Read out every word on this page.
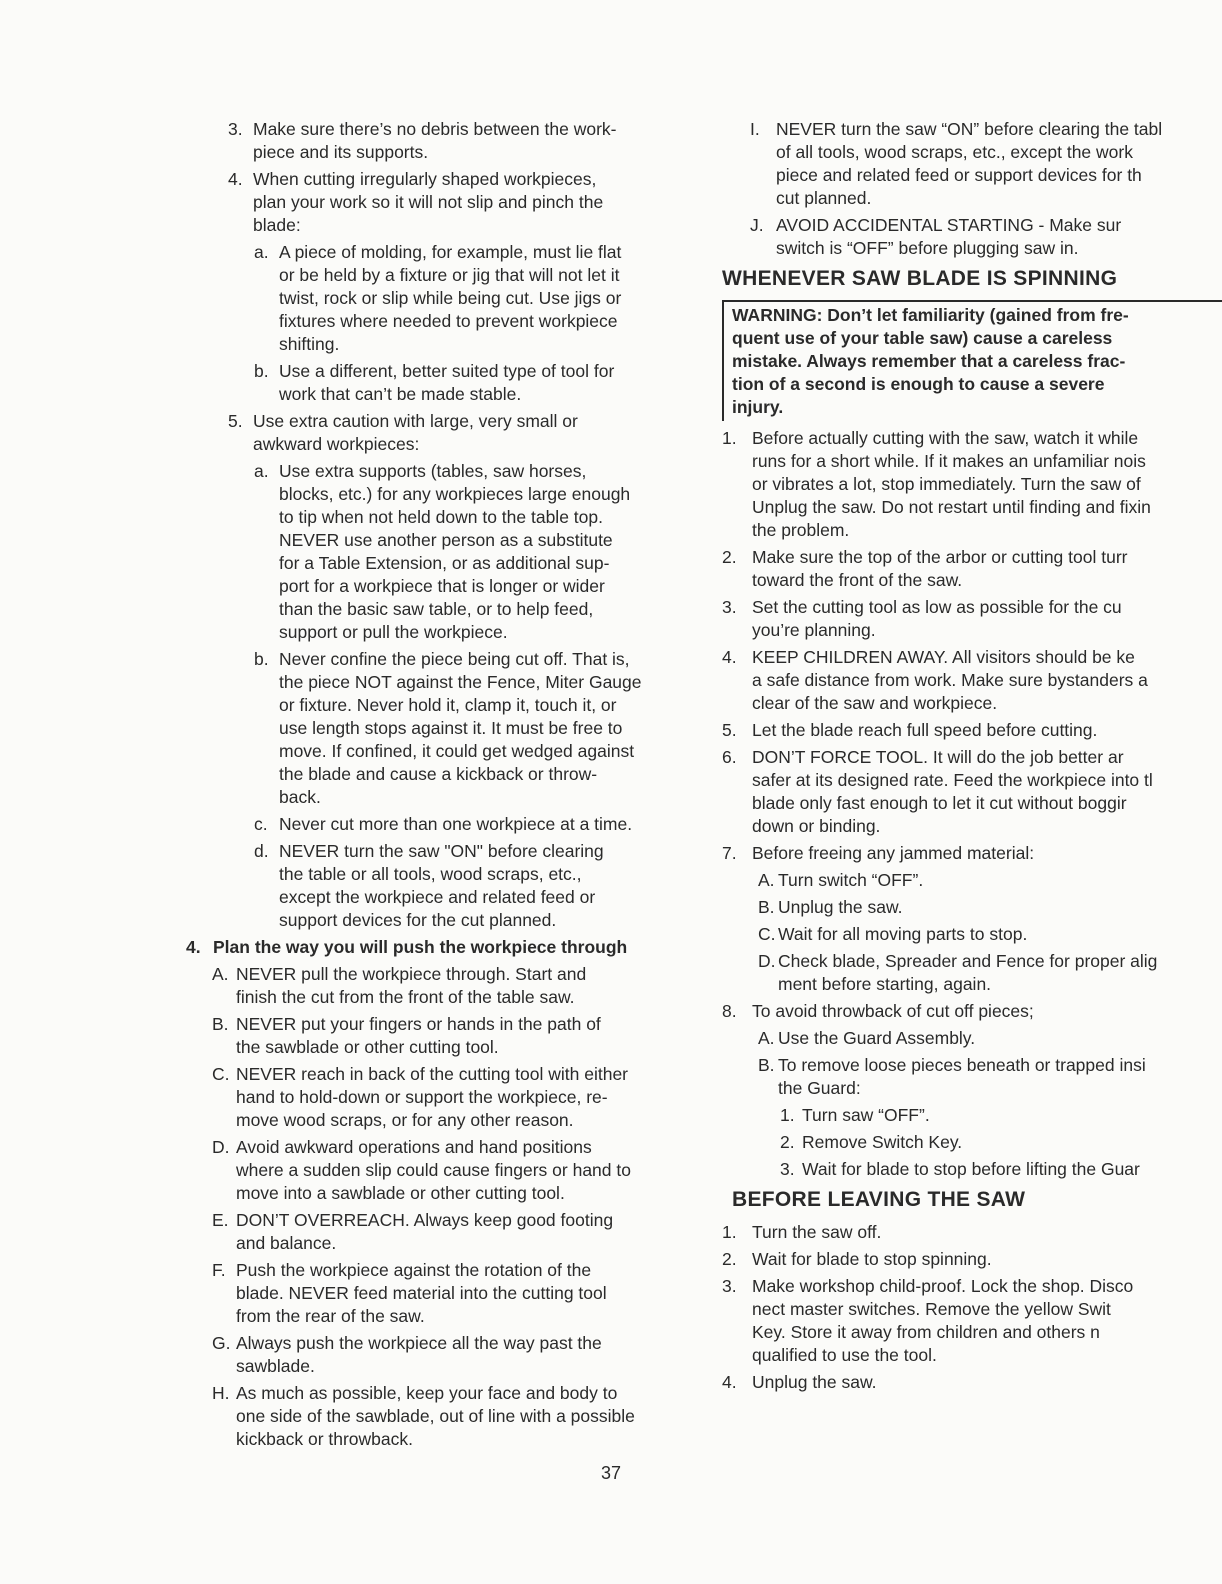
3. Make sure there’s no debris between the work-
piece and its supports.
4. When cutting irregularly shaped workpieces,
plan your work so it will not slip and pinch the
blade:
a. A piece of molding, for example, must lie flat
or be held by a fixture or jig that will not let it
twist, rock or slip while being cut. Use jigs or
fixtures where needed to prevent workpiece
shifting.
b. Use a different, better suited type of tool for
work that can’t be made stable.
5. Use extra caution with large, very small or
awkward workpieces:
a. Use extra supports (tables, saw horses,
blocks, etc.) for any workpieces large enough
to tip when not held down to the table top.
NEVER use another person as a substitute
for a Table Extension, or as additional sup-
port for a workpiece that is longer or wider
than the basic saw table, or to help feed,
support or pull the workpiece.
b. Never confine the piece being cut off. That is,
the piece NOT against the Fence, Miter Gauge
or fixture. Never hold it, clamp it, touch it, or
use length stops against it. It must be free to
move. If confined, it could get wedged against
the blade and cause a kickback or throw-
back.
c. Never cut more than one workpiece at a time.
d. NEVER turn the saw "ON" before clearing
the table or all tools, wood scraps, etc.,
except the workpiece and related feed or
support devices for the cut planned.
4. Plan the way you will push the workpiece through
A. NEVER pull the workpiece through. Start and
finish the cut from the front of the table saw.
B. NEVER put your fingers or hands in the path of
the sawblade or other cutting tool.
C. NEVER reach in back of the cutting tool with either
hand to hold-down or support the workpiece, re-
move wood scraps, or for any other reason.
D. Avoid awkward operations and hand positions
where a sudden slip could cause fingers or hand to
move into a sawblade or other cutting tool.
E. DON’T OVERREACH. Always keep good footing
and balance.
F. Push the workpiece against the rotation of the
blade. NEVER feed material into the cutting tool
from the rear of the saw.
G. Always push the workpiece all the way past the
sawblade.
H. As much as possible, keep your face and body to
one side of the sawblade, out of line with a possible
kickback or throwback.
I. NEVER turn the saw “ON” before clearing the tabl
of all tools, wood scraps, etc., except the work
piece and related feed or support devices for th
cut planned.
J. AVOID ACCIDENTAL STARTING - Make sur
switch is “OFF” before plugging saw in.
WHENEVER SAW BLADE IS SPINNING
WARNING: Don’t let familiarity (gained from fre-
quent use of your table saw) cause a careless
mistake. Always remember that a careless frac-
tion of a second is enough to cause a severe
injury.
1. Before actually cutting with the saw, watch it while
runs for a short while. If it makes an unfamiliar nois
or vibrates a lot, stop immediately. Turn the saw of
Unplug the saw. Do not restart until finding and fixin
the problem.
2. Make sure the top of the arbor or cutting tool turr
toward the front of the saw.
3. Set the cutting tool as low as possible for the cu
you’re planning.
4. KEEP CHILDREN AWAY. All visitors should be ke
a safe distance from work. Make sure bystanders a
clear of the saw and workpiece.
5. Let the blade reach full speed before cutting.
6. DON’T FORCE TOOL. It will do the job better ar
safer at its designed rate. Feed the workpiece into tl
blade only fast enough to let it cut without boggir
down or binding.
7. Before freeing any jammed material:
A. Turn switch “OFF”.
B. Unplug the saw.
C. Wait for all moving parts to stop.
D. Check blade, Spreader and Fence for proper alig
ment before starting, again.
8. To avoid throwback of cut off pieces;
A. Use the Guard Assembly.
B. To remove loose pieces beneath or trapped insi
the Guard:
1. Turn saw “OFF”.
2. Remove Switch Key.
3. Wait for blade to stop before lifting the Guar
BEFORE LEAVING THE SAW
1. Turn the saw off.
2. Wait for blade to stop spinning.
3. Make workshop child-proof. Lock the shop. Disco
nect master switches. Remove the yellow Swit
Key. Store it away from children and others n
qualified to use the tool.
4. Unplug the saw.
37
